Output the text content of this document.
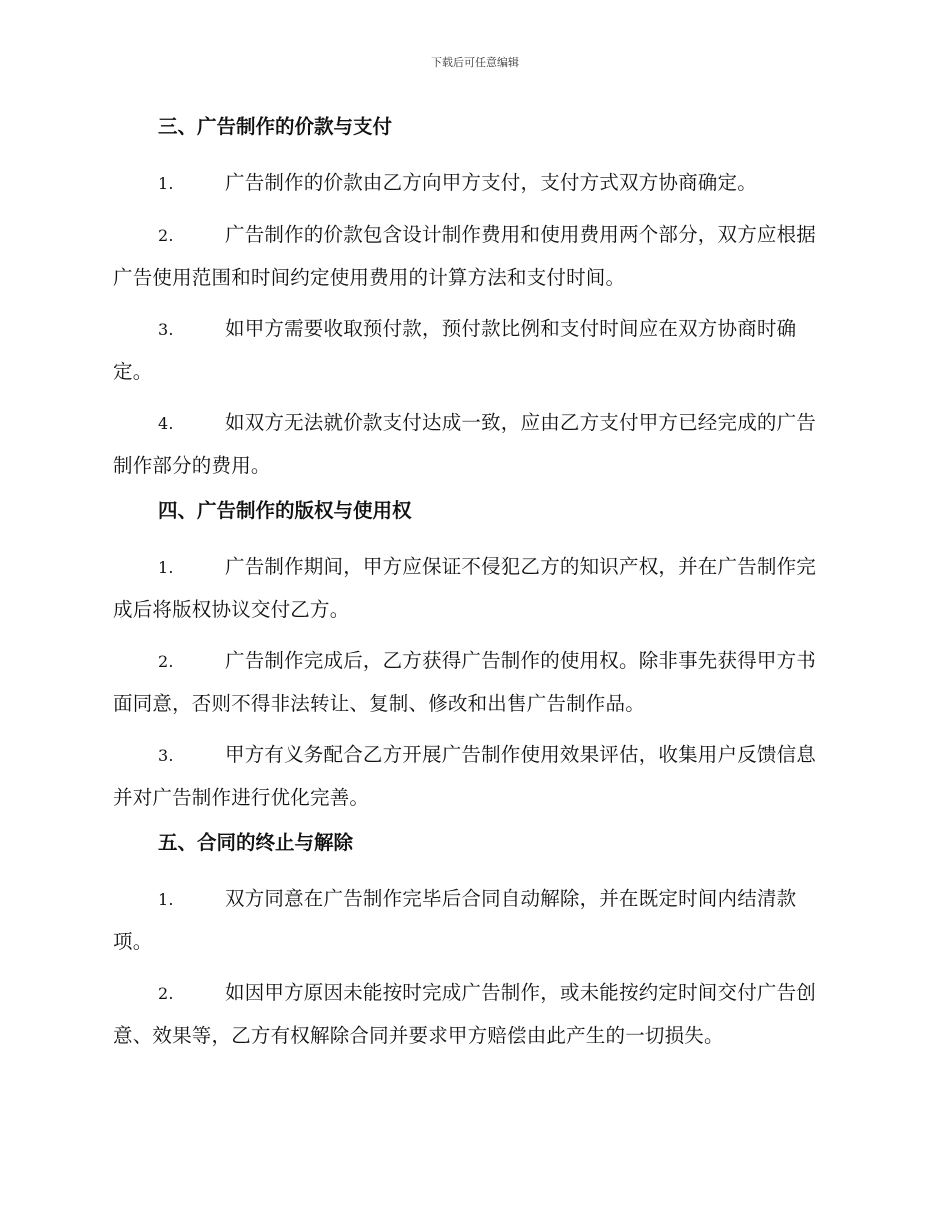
下载后可任意编辑
三、广告制作的价款与支付

1.	广告制作的价款由乙方向甲方支付，支付方式双方协商确定。

2.	广告制作的价款包含设计制作费用和使用费用两个部分，双方应根据广告使用范围和时间约定使用费用的计算方法和支付时间。

3.	如甲方需要收取预付款，预付款比例和支付时间应在双方协商时确定。

4.	如双方无法就价款支付达成一致，应由乙方支付甲方已经完成的广告制作部分的费用。

四、广告制作的版权与使用权

1.	广告制作期间，甲方应保证不侵犯乙方的知识产权，并在广告制作完成后将版权协议交付乙方。

2.	广告制作完成后，乙方获得广告制作的使用权。除非事先获得甲方书面同意，否则不得非法转让、复制、修改和出售广告制作品。

3.	甲方有义务配合乙方开展广告制作使用效果评估，收集用户反馈信息并对广告制作进行优化完善。

五、合同的终止与解除

1.	双方同意在广告制作完毕后合同自动解除，并在既定时间内结清款项。

2.	如因甲方原因未能按时完成广告制作，或未能按约定时间交付广告创意、效果等，乙方有权解除合同并要求甲方赔偿由此产生的一切损失。
